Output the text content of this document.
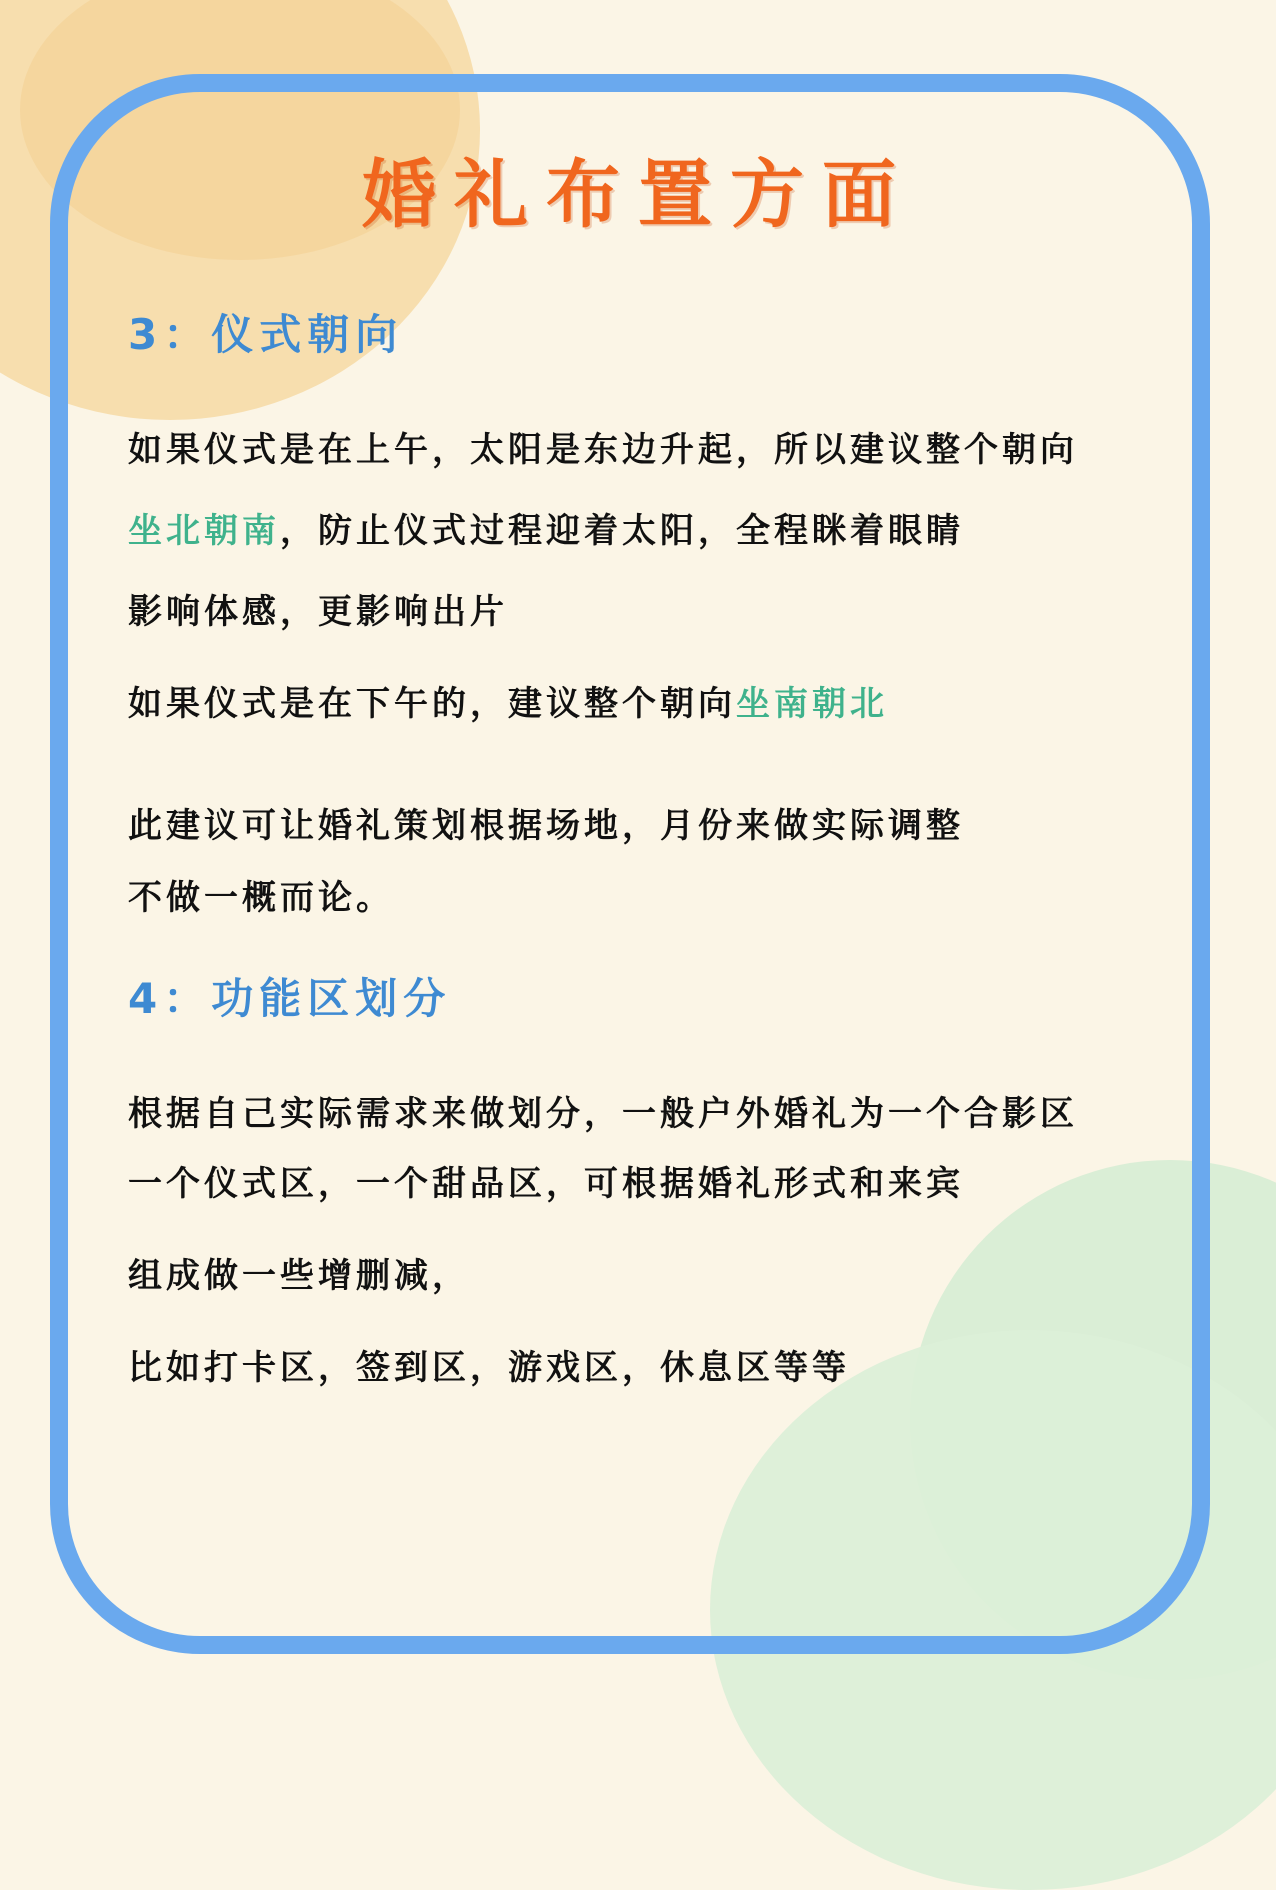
婚礼布置方面
3：仪式朝向
如果仪式是在上午，太阳是东边升起，所以建议整个朝向
坐北朝南，防止仪式过程迎着太阳，全程眯着眼睛
影响体感，更影响出片
如果仪式是在下午的，建议整个朝向坐南朝北
此建议可让婚礼策划根据场地，月份来做实际调整
不做一概而论。
4：功能区划分
根据自己实际需求来做划分，一般户外婚礼为一个合影区
一个仪式区，一个甜品区，可根据婚礼形式和来宾
组成做一些增删减，
比如打卡区，签到区，游戏区，休息区等等
